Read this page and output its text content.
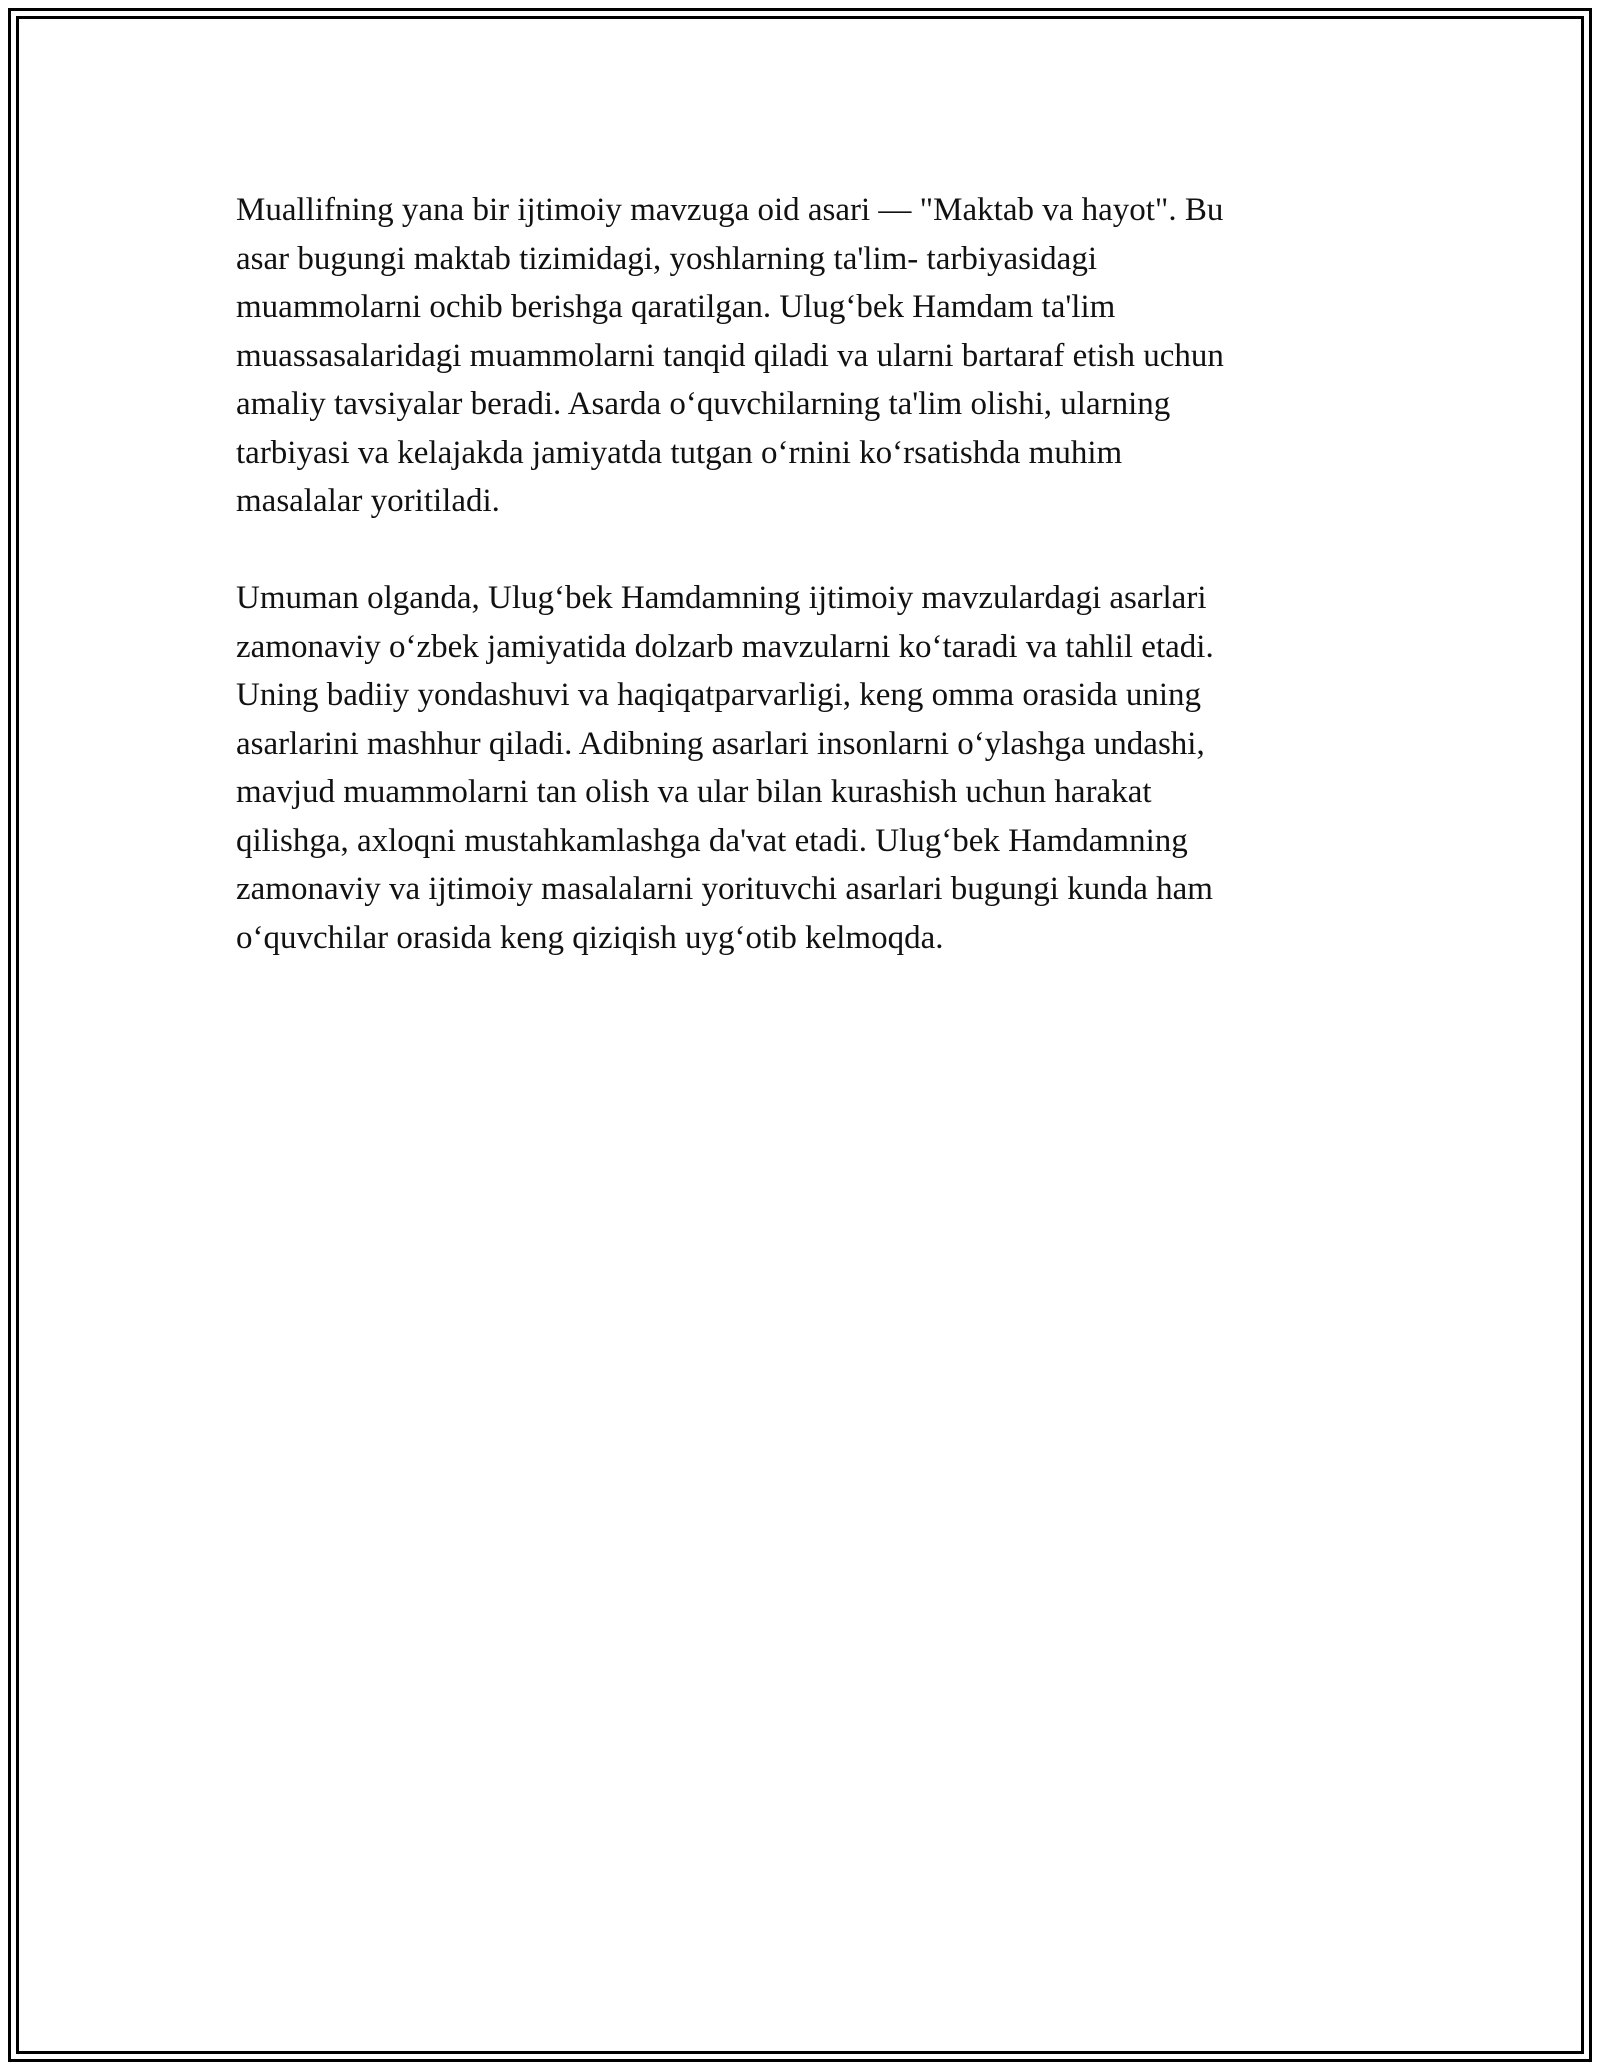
Muallifning yana bir ijtimoiy mavzuga oid asari — "Maktab va hayot". Bu
asar bugungi maktab tizimidagi, yoshlarning ta'lim- tarbiyasidagi
muammolarni ochib berishga qaratilgan. Ulug‘bek Hamdam ta'lim
muassasalaridagi muammolarni tanqid qiladi va ularni bartaraf etish uchun
amaliy tavsiyalar beradi. Asarda o‘quvchilarning ta'lim olishi, ularning
tarbiyasi va kelajakda jamiyatda tutgan o‘rnini ko‘rsatishda muhim
masalalar yoritiladi.

Umuman olganda, Ulug‘bek Hamdamning ijtimoiy mavzulardagi asarlari
zamonaviy o‘zbek jamiyatida dolzarb mavzularni ko‘taradi va tahlil etadi.
Uning badiiy yondashuvi va haqiqatparvarligi, keng omma orasida uning
asarlarini mashhur qiladi. Adibning asarlari insonlarni o‘ylashga undashi,
mavjud muammolarni tan olish va ular bilan kurashish uchun harakat
qilishga, axloqni mustahkamlashga da'vat etadi. Ulug‘bek Hamdamning
zamonaviy va ijtimoiy masalalarni yorituvchi asarlari bugungi kunda ham
o‘quvchilar orasida keng qiziqish uyg‘otib kelmoqda.
